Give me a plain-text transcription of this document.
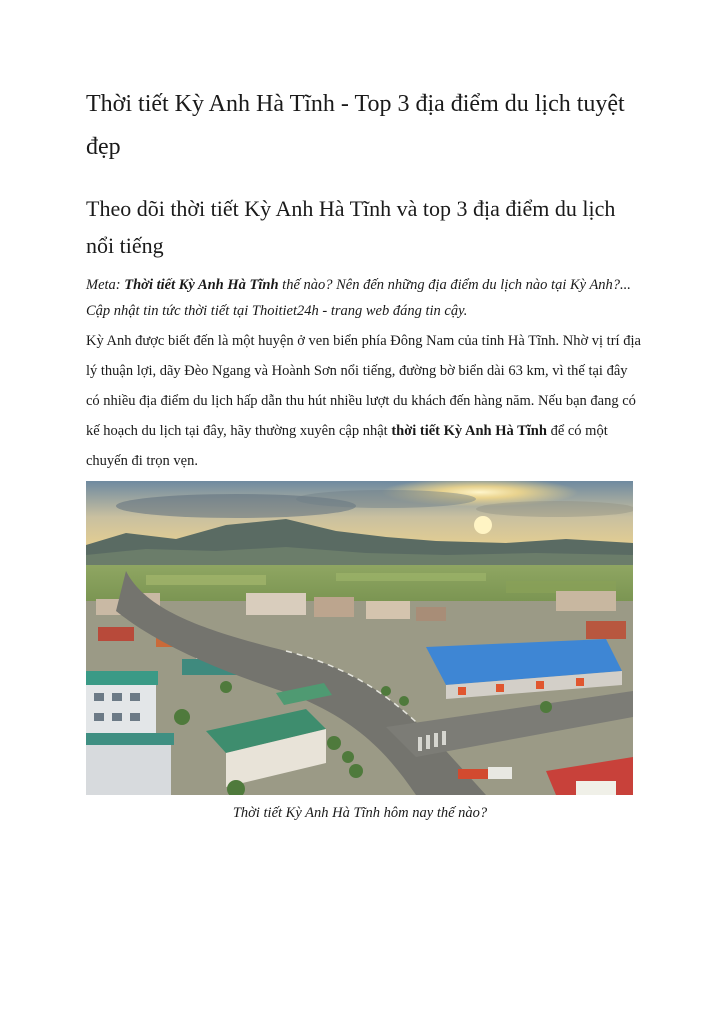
Thời tiết Kỳ Anh Hà Tĩnh - Top 3 địa điểm du lịch tuyệt đẹp
Theo dõi thời tiết Kỳ Anh Hà Tĩnh và top 3 địa điểm du lịch nổi tiếng

Meta: Thời tiết Kỳ Anh Hà Tĩnh thế nào? Nên đến những địa điểm du lịch nào tại Kỳ Anh?... Cập nhật tin tức thời tiết tại Thoitiet24h - trang web đáng tin cậy.

Kỳ Anh được biết đến là một huyện ở ven biển phía Đông Nam của tỉnh Hà Tĩnh. Nhờ vị trí địa lý thuận lợi, dãy Đèo Ngang và Hoành Sơn nổi tiếng, đường bờ biển dài 63 km, vì thế tại đây có nhiều địa điểm du lịch hấp dẫn thu hút nhiều lượt du khách đến hàng năm. Nếu bạn đang có kế hoạch du lịch tại đây, hãy thường xuyên cập nhật thời tiết Kỳ Anh Hà Tĩnh để có một chuyến đi trọn vẹn.

Thời tiết Kỳ Anh Hà Tĩnh hôm nay thế nào?
